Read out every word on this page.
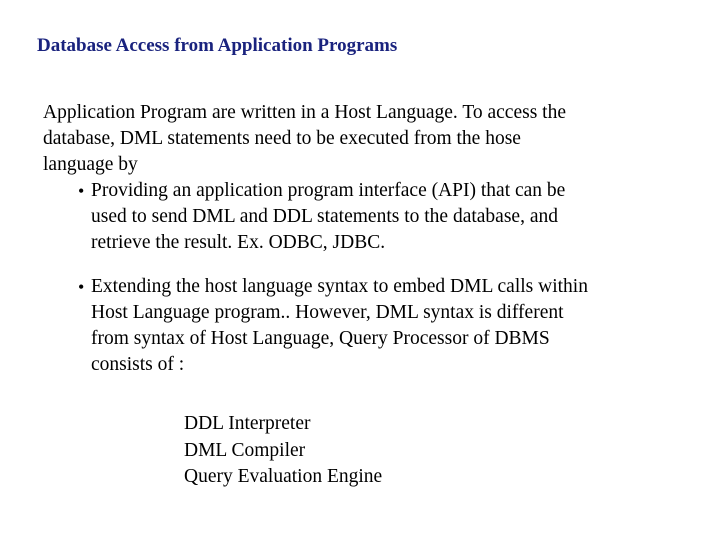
Database Access from Application Programs
Application Program are written in a Host Language. To access the
database, DML statements need to be executed from the hose
language by
• Providing an application program interface (API) that can be
used to send DML and DDL statements to the database, and
retrieve the result. Ex. ODBC, JDBC.
• Extending the host language syntax to embed DML calls within
Host Language program.. However, DML syntax is different
from syntax of Host Language, Query Processor of DBMS
consists of :
DDL Interpreter
DML Compiler
Query Evaluation Engine
